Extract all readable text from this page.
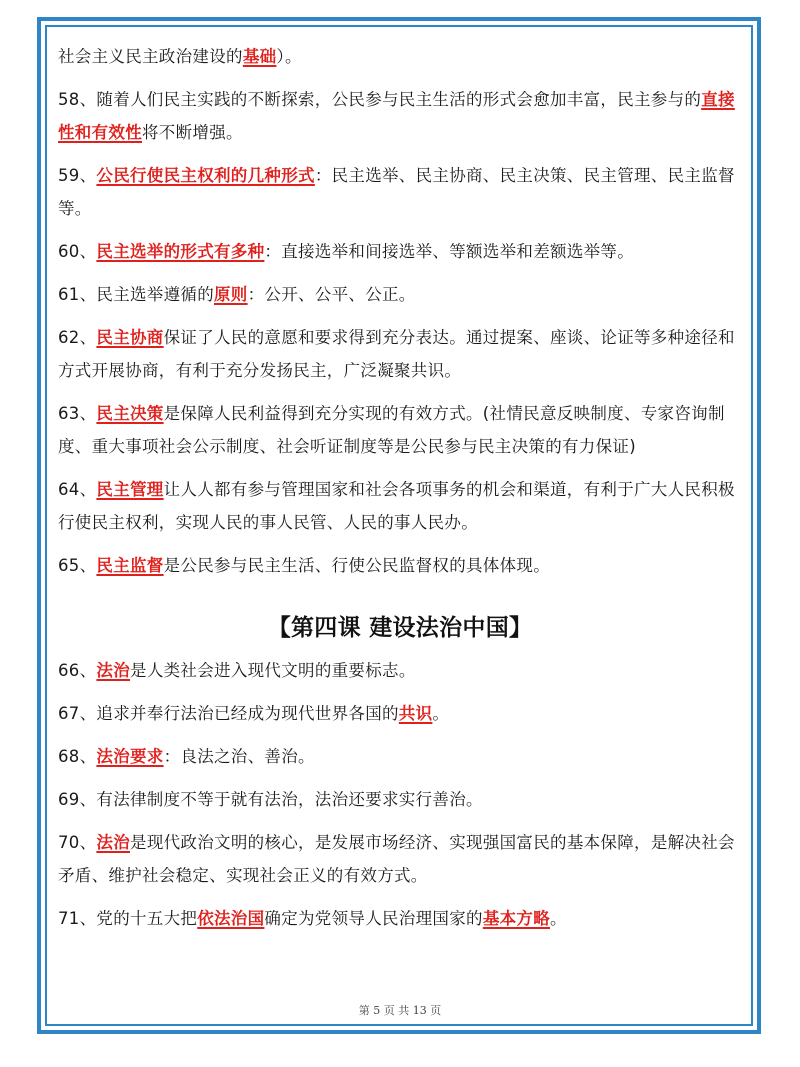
社会主义民主政治建设的基础）。

58、随着人们民主实践的不断探索，公民参与民主生活的形式会愈加丰富，民主参与的直接性和有效性将不断增强。

59、公民行使民主权利的几种形式：民主选举、民主协商、民主决策、民主管理、民主监督等。

60、民主选举的形式有多种：直接选举和间接选举、等额选举和差额选举等。

61、民主选举遵循的原则：公开、公平、公正。

62、民主协商保证了人民的意愿和要求得到充分表达。通过提案、座谈、论证等多种途径和方式开展协商，有利于充分发扬民主，广泛凝聚共识。

63、民主决策是保障人民利益得到充分实现的有效方式。(社情民意反映制度、专家咨询制度、重大事项社会公示制度、社会听证制度等是公民参与民主决策的有力保证)

64、民主管理让人人都有参与管理国家和社会各项事务的机会和渠道，有利于广大人民积极行使民主权利，实现人民的事人民管、人民的事人民办。

65、民主监督是公民参与民主生活、行使公民监督权的具体体现。

【第四课 建设法治中国】

66、法治是人类社会进入现代文明的重要标志。

67、追求并奉行法治已经成为现代世界各国的共识。

68、法治要求：良法之治、善治。

69、有法律制度不等于就有法治，法治还要求实行善治。

70、法治是现代政治文明的核心，是发展市场经济、实现强国富民的基本保障，是解决社会矛盾、维护社会稳定、实现社会正义的有效方式。

71、党的十五大把依法治国确定为党领导人民治理国家的基本方略。

第 5 页 共 13 页
